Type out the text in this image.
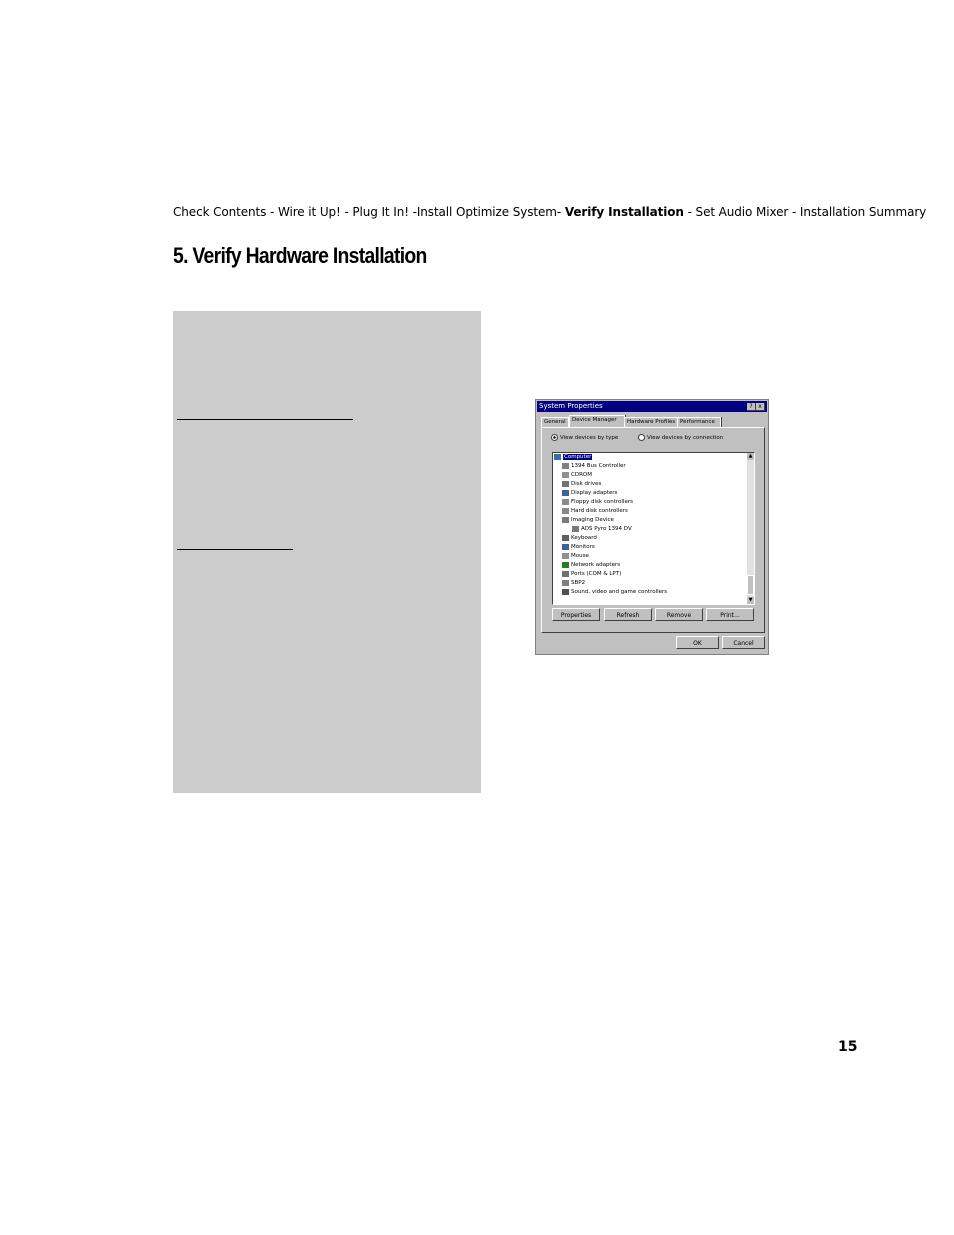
Check Contents - Wire it Up! - Plug It In! -Install Optimize System- Verify Installation - Set Audio Mixer - Installation Summary
5. Verify Hardware Installation
System Properties	? x
General	Device Manager	Hardware Profiles Performance
View devices by type	View devices by connection
Computer
1394 Bus Controller
CDROM
Disk drives
Display adapters
Floppy disk controllers
Hard disk controllers
Imaging Device
ADS Pyro 1394 DV
Keyboard
Monitors
Mouse
Network adapters
Ports (COM & LPT)
SBP2
Sound, video and game controllers
▲
▼
Properties	Refresh	Remove	Print...
OK	Cancel
15
